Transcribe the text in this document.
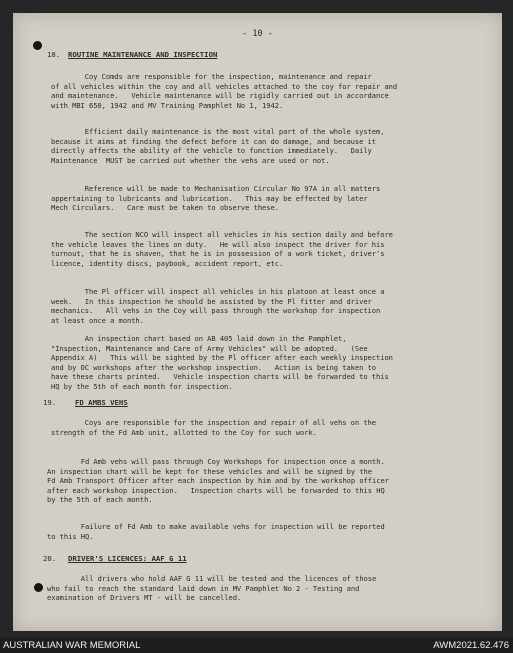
- 10 -
18. ROUTINE MAINTENANCE AND INSPECTION
Coy Comds are responsible for the inspection, maintenance and repair
of all vehicles within the coy and all vehicles attached to the coy for repair and
and maintenance.   Vehicle maintenance will be rigidly carried out in accordance
with MBI 650, 1942 and MV Training Pamphlet No 1, 1942.
Efficient daily maintenance is the most vital part of the whole system,
because it aims at finding the defect before it can do damage, and because it
directly affects the ability of the vehicle to function immediately.   Daily
Maintenance  MUST be carried out whether the vehs are used or not.
Reference will be made to Mechanisation Circular No 97A in all matters
appertaining to lubricants and lubrication.   This may be effected by later
Mech Circulars.   Care must be taken to observe these.
The section NCO will inspect all vehicles in his section daily and before
the vehicle leaves the lines on duty.   He will also inspect the driver for his
turnout, that he is shaven, that he is in possession of a work ticket, driver's
licence, identity discs, paybook, accident report, etc.
The Pl officer will inspect all vehicles in his platoon at least once a
week.   In this inspection he should be assisted by the Pl fitter and driver
mechanics.   All vehs in the Coy will pass through the workshop for inspection
at least once a month.
An inspection chart based on AB 405 laid down in the Pamphlet,
"Inspection, Maintenance and Care of Army Vehicles" will be adopted.   (See
Appendix A)   This will be sighted by the Pl officer after each weekly inspection
and by OC workshops after the workshop inspection.   Action is being taken to
have these charts printed.   Vehicle inspection charts will be forwarded to this
HQ by the 5th of each month for inspection.
19.	FD AMBS VEHS
Coys are responsible for the inspection and repair of all vehs on the
strength of the Fd Amb unit, allotted to the Coy for such work.
Fd Amb vehs will pass through Coy Workshops for inspection once a month.
An inspection chart will be kept for these vehicles and will be signed by the
Fd Amb Transport Officer after each inspection by him and by the workshop officer
after each workshop inspection.   Inspection charts will be forwarded to this HQ
by the 5th of each month.
Failure of Fd Amb to make available vehs for inspection will be reported
to this HQ.
20. DRIVER'S LICENCES: AAF G 11
All drivers who hold AAF G 11 will be tested and the licences of those
who fail to reach the standard laid down in MV Pamphlet No 2 - Testing and
examination of Drivers MT - will be cancelled.
AUSTRALIAN WAR MEMORIAL	AWM2021.62.476
